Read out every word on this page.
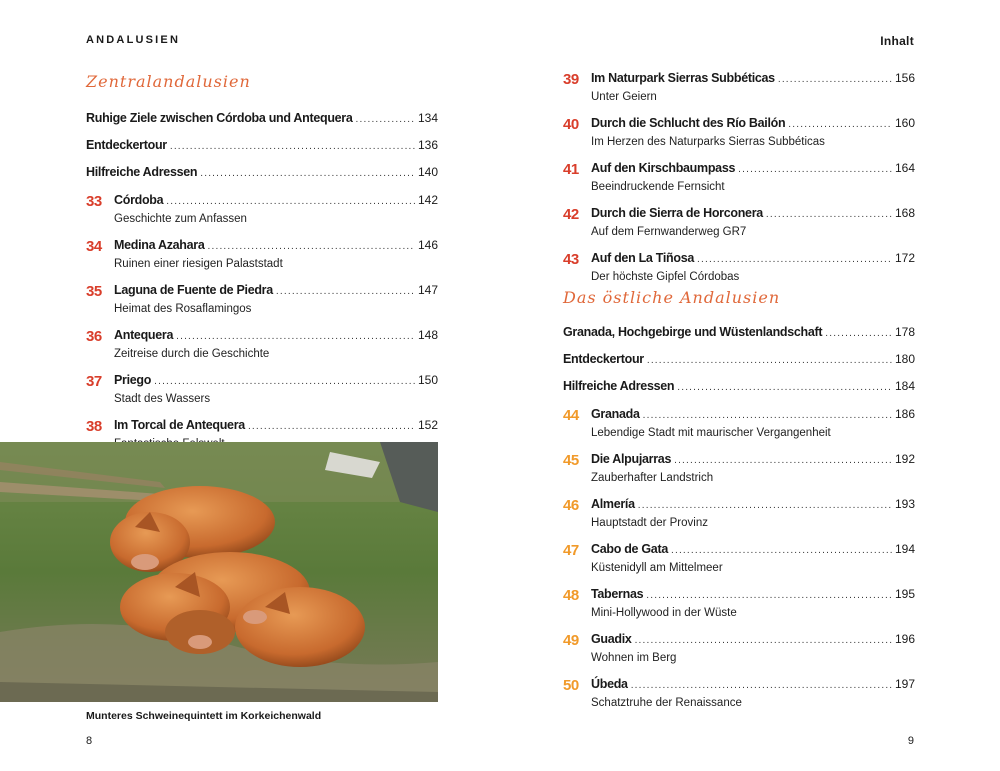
ANDALUSIEN
Zentralandalusien
Ruhige Ziele zwischen Córdoba und Antequera .....	134
Entdeckertour .....	136
Hilfreiche Adressen .....	140
33 Córdoba .....	142
Geschichte zum Anfassen
34 Medina Azahara .....	146
Ruinen einer riesigen Palaststadt
35 Laguna de Fuente de Piedra .....	147
Heimat des Rosaflamingos
36 Antequera .....	148
Zeitreise durch die Geschichte
37 Priego .....	150
Stadt des Wassers
38 Im Torcal de Antequera .....	152
Munteres Schweinequintett im Korkeichenwald
8
Inhalt
39 Im Naturpark Sierras Subbéticas .....	156
Unter Geiern
40 Durch die Schlucht des Río Bailón .....	160
Im Herzen des Naturparks Sierras Subbéticas
41 Auf den Kirschbaumpass .....	164
Beeindruckende Fernsicht
42 Durch die Sierra de Horconera .....	168
Auf dem Fernwanderweg GR7
43 Auf den La Tiñosa .....	172
Der höchste Gipfel Córdobas
Das östliche Andalusien
Granada, Hochgebirge und Wüstenlandschaft .....	178
Entdeckertour .....	180
Hilfreiche Adressen .....	184
44 Granada .....	186
Lebendige Stadt mit maurischer Vergangenheit
45 Die Alpujarras .....	192
Zauberhafter Landstrich
46 Almería .....	193
Hauptstadt der Provinz
47 Cabo de Gata .....	194
Küstenidyll am Mittelmeer
48 Tabernas .....	195
Mini-Hollywood in der Wüste
49 Guadix .....	196
Wohnen im Berg
50 Úbeda .....	197
Schatztruhe der Renaissance
9
